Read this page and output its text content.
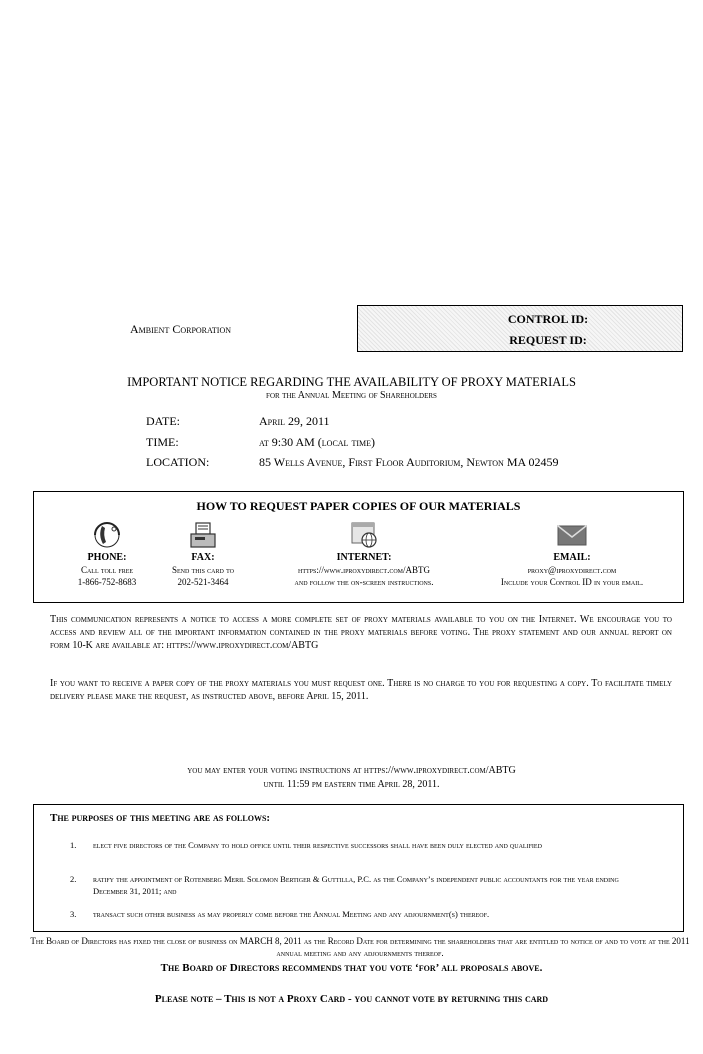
Ambient Corporation
CONTROL ID:
REQUEST ID:
IMPORTANT NOTICE REGARDING THE AVAILABILITY OF PROXY MATERIALS
for the Annual Meeting of Shareholders
DATE:	April 29, 2011
TIME:	at 9:30 AM (local time)
LOCATION:	85 Wells Avenue, First Floor Auditorium, Newton MA 02459
HOW TO REQUEST PAPER COPIES OF OUR MATERIALS
PHONE:
Call toll free
1-866-752-8683
FAX:
Send this card to
202-521-3464
INTERNET:
https://www.iproxydirect.com/ABTG
and follow the on-screen instructions.
EMAIL:
proxy@iproxydirect.com
Include your Control ID in your email.
This communication represents a notice to access a more complete set of proxy materials available to you on the Internet. We encourage you to access and review all of the important information contained in the proxy materials before voting. The proxy statement and our annual report on form 10-K are available at: https://www.iproxydirect.com/ABTG
If you want to receive a paper copy of the proxy materials you must request one. There is no charge to you for requesting a copy. To facilitate timely delivery please make the request, as instructed above, before April 15, 2011.
you may enter your voting instructions at https://www.iproxydirect.com/ABTG
until 11:59 pm eastern time April 28, 2011.
The purposes of this meeting are as follows:
1.	elect five directors of the Company to hold office until their respective successors shall have been duly elected and qualified
2.	ratify the appointment of Rotenberg Meril Solomon Bertiger & Guttilla, P.C. as the Company’s independent public accountants for the year ending December 31, 2011; and
3.	transact such other business as may properly come before the Annual Meeting and any adjournment(s) thereof.
The Board of Directors has fixed the close of business on MARCH 8, 2011 as the Record Date for determining the shareholders that are entitled to notice of and to vote at the 2011 annual meeting and any adjournments thereof.
The Board of Directors recommends that you vote ‘for’ all proposals above.
Please note – This is not a Proxy Card - you cannot vote by returning this card
